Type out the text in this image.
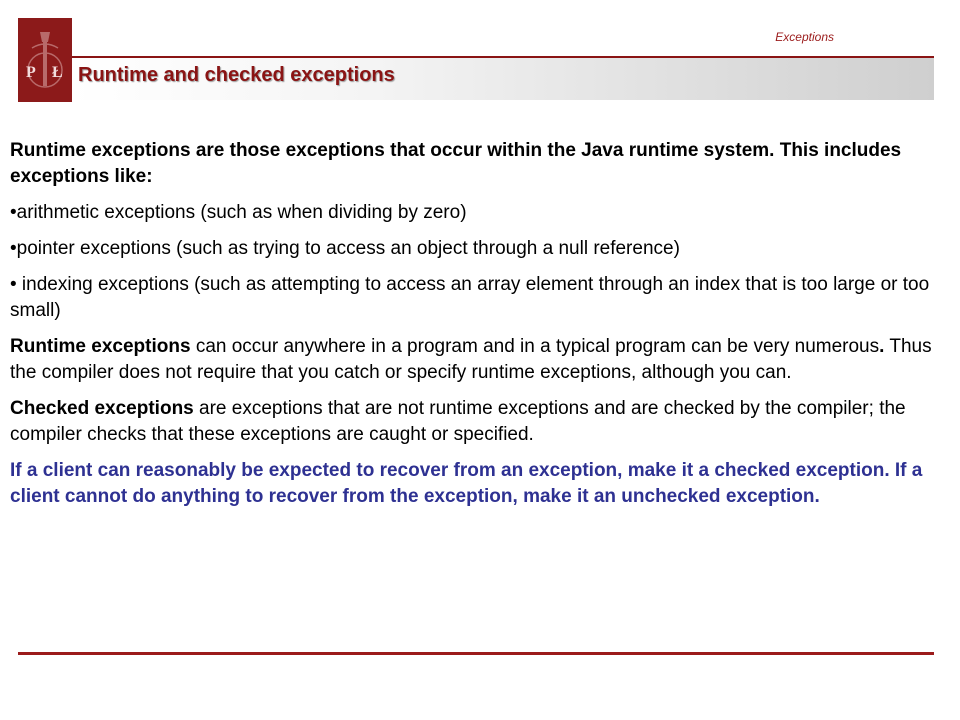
P Ł
Exceptions
Runtime and checked exceptions

Runtime exceptions are those exceptions that occur within the Java runtime system. This includes exceptions like:

•arithmetic exceptions (such as when dividing by zero)

•pointer exceptions (such as trying to access an object through a null reference)

• indexing exceptions (such as attempting to access an array element through an index that is too large or too small)

Runtime exceptions can occur anywhere in a program and in a typical program can be very numerous. Thus the compiler does not require that you catch or specify runtime exceptions, although you can.

Checked exceptions are exceptions that are not runtime exceptions and are checked by the compiler; the compiler checks that these exceptions are caught or specified.

If a client can reasonably be expected to recover from an exception, make it a checked exception. If a client cannot do anything to recover from the exception, make it an unchecked exception.
